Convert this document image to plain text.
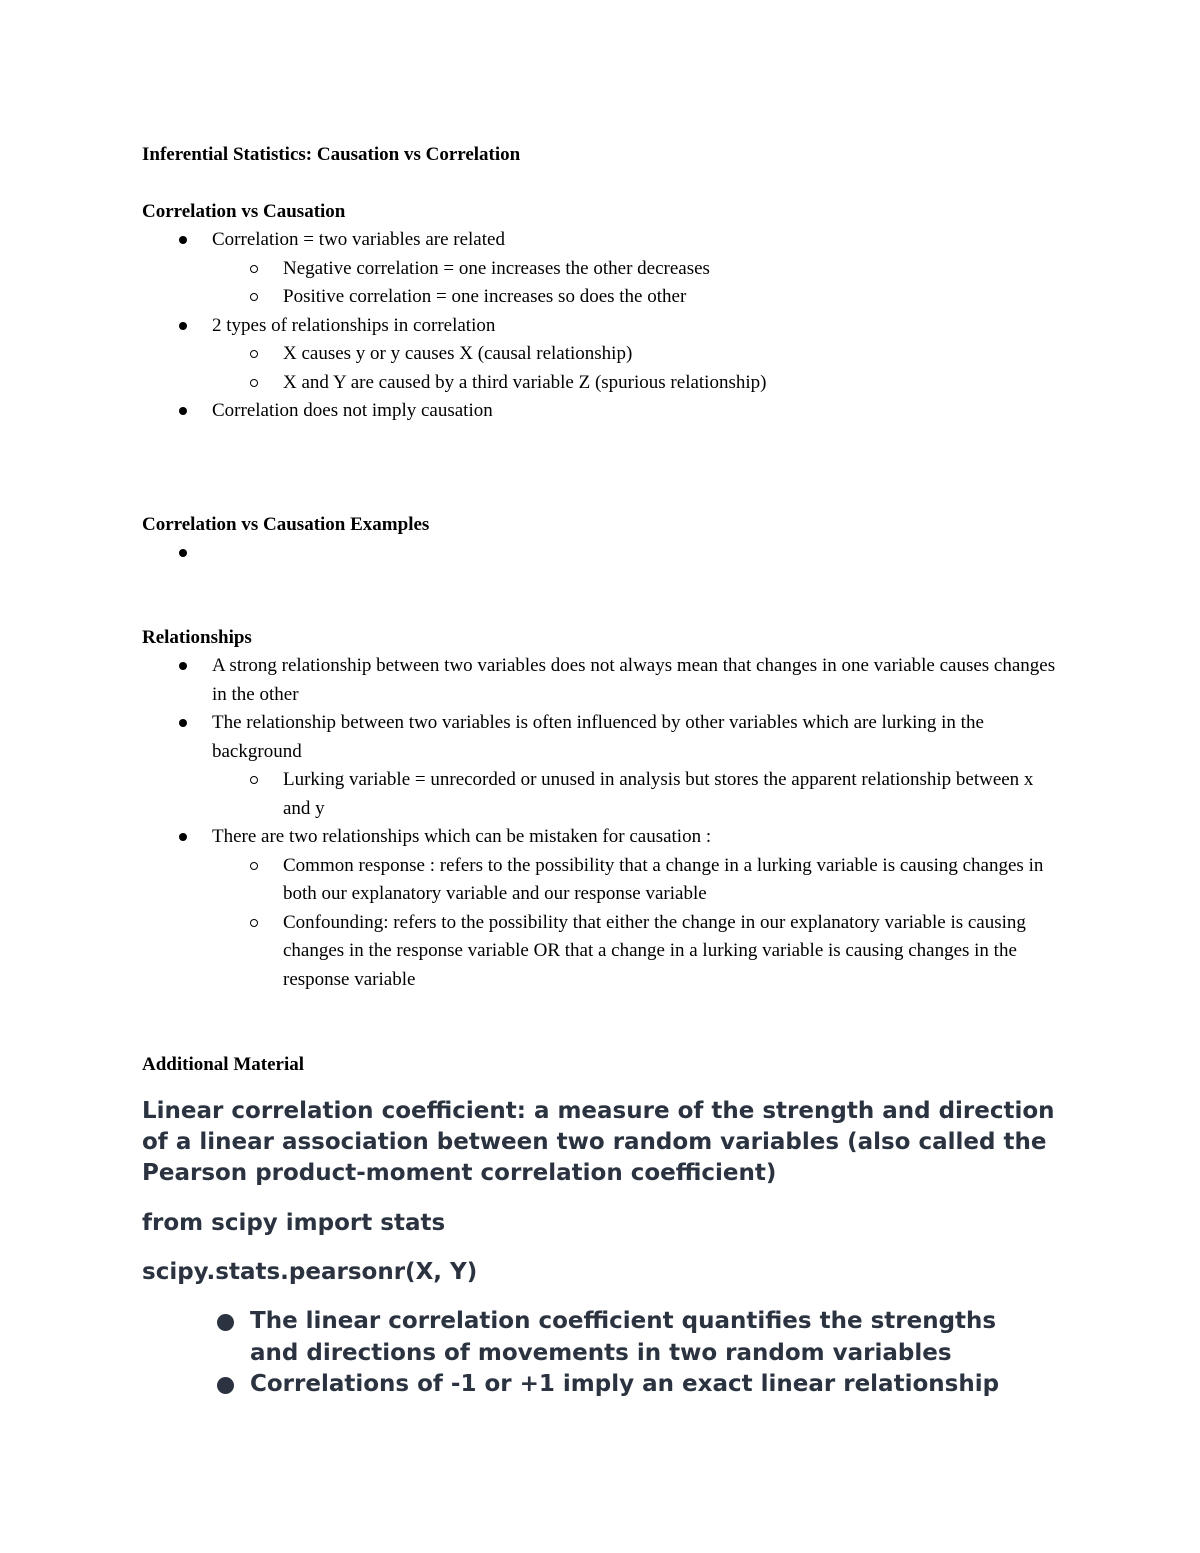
Inferential Statistics: Causation vs Correlation

Correlation vs Causation

Correlation = two variables are related
Negative correlation = one increases the other decreases
Positive correlation = one increases so does the other
2 types of relationships in correlation
X causes y or y causes X (causal relationship)
X and Y are caused by a third variable Z (spurious relationship)
Correlation does not imply causation

Correlation vs Causation Examples

Relationships

A strong relationship between two variables does not always mean that changes in one variable causes changes in the other
The relationship between two variables is often influenced by other variables which are lurking in the background
Lurking variable = unrecorded or unused in analysis but stores the apparent relationship between x and y
There are two relationships which can be mistaken for causation :
Common response : refers to the possibility that a change in a lurking variable is causing changes in both our explanatory variable and our response variable
Confounding: refers to the possibility that either the change in our explanatory variable is causing changes in the response variable OR that a change in a lurking variable is causing changes in the response variable

Additional Material

Linear correlation coefficient: a measure of the strength and direction of a linear association between two random variables (also called the Pearson product-moment correlation coefficient)

from scipy import stats

scipy.stats.pearsonr(X, Y)

The linear correlation coefficient quantifies the strengths and directions of movements in two random variables
Correlations of -1 or +1 imply an exact linear relationship
